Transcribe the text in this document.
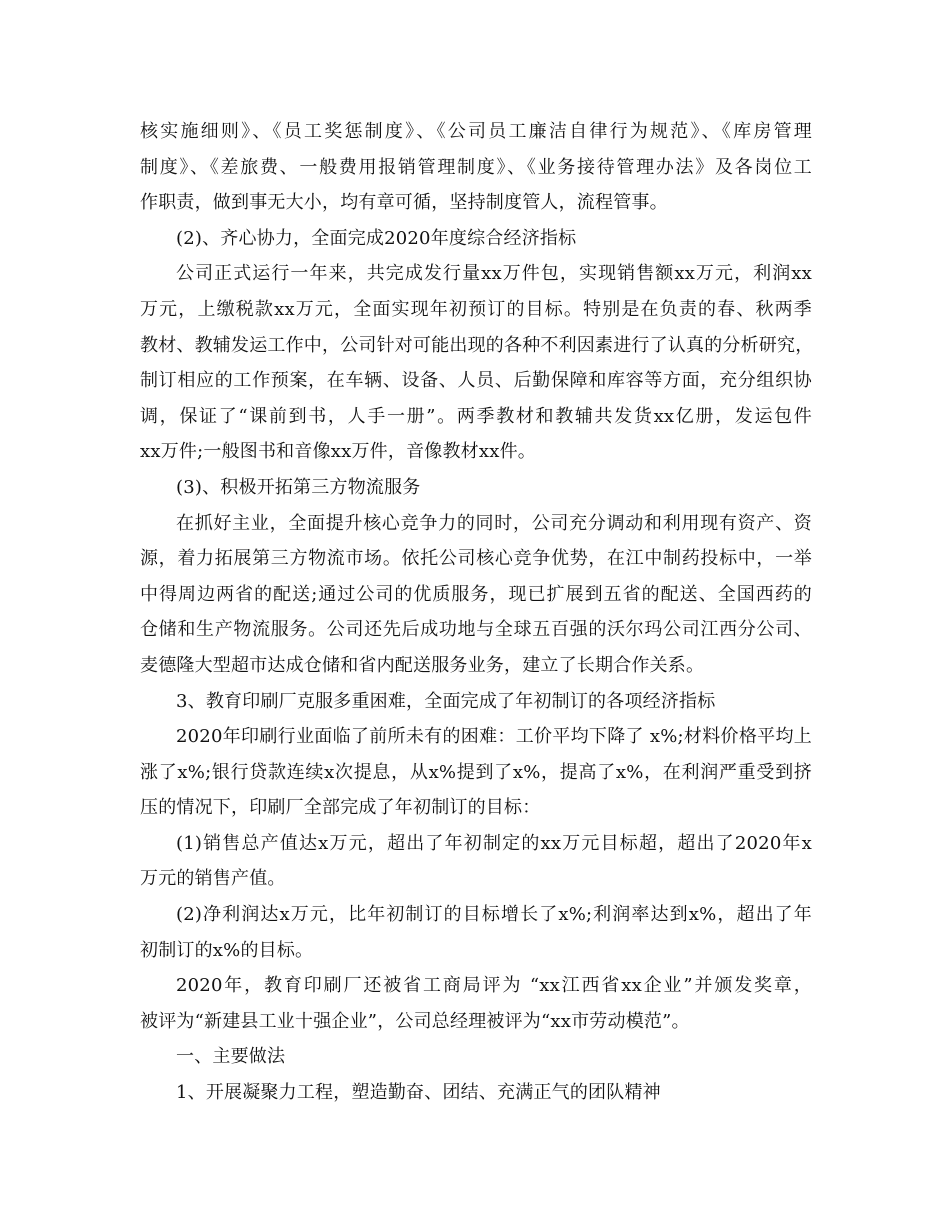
核实施细则》、《员工奖惩制度》、《公司员工廉洁自律行为规范》、《库房管理
制度》、《差旅费、一般费用报销管理制度》、《业务接待管理办法》及各岗位工
作职责，做到事无大小，均有章可循，坚持制度管人，流程管事。
(2)、齐心协力，全面完成2020年度综合经济指标
公司正式运行一年来，共完成发行量xx万件包，实现销售额xx万元，利润xx
万元，上缴税款xx万元，全面实现年初预订的目标。特别是在负责的春、秋两季
教材、教辅发运工作中，公司针对可能出现的各种不利因素进行了认真的分析研究，
制订相应的工作预案，在车辆、设备、人员、后勤保障和库容等方面，充分组织协
调，保证了“课前到书，人手一册”。两季教材和教辅共发货xx亿册，发运包件
xx万件;一般图书和音像xx万件，音像教材xx件。
(3)、积极开拓第三方物流服务
在抓好主业，全面提升核心竞争力的同时，公司充分调动和利用现有资产、资
源，着力拓展第三方物流市场。依托公司核心竞争优势，在江中制药投标中，一举
中得周边两省的配送;通过公司的优质服务，现已扩展到五省的配送、全国西药的
仓储和生产物流服务。公司还先后成功地与全球五百强的沃尔玛公司江西分公司、
麦德隆大型超市达成仓储和省内配送服务业务，建立了长期合作关系。
3、教育印刷厂克服多重困难，全面完成了年初制订的各项经济指标
2020年印刷行业面临了前所未有的困难：工价平均下降了 x%;材料价格平均上
涨了x%;银行贷款连续x次提息，从x%提到了x%，提高了x%，在利润严重受到挤
压的情况下，印刷厂全部完成了年初制订的目标：
(1)销售总产值达x万元，超出了年初制定的xx万元目标超，超出了2020年x
万元的销售产值。
(2)净利润达x万元，比年初制订的目标增长了x%;利润率达到x%，超出了年
初制订的x%的目标。
2020年，教育印刷厂还被省工商局评为 “xx江西省xx企业”并颁发奖章，
被评为“新建县工业十强企业”，公司总经理被评为“xx市劳动模范”。
一、主要做法
1、开展凝聚力工程，塑造勤奋、团结、充满正气的团队精神
